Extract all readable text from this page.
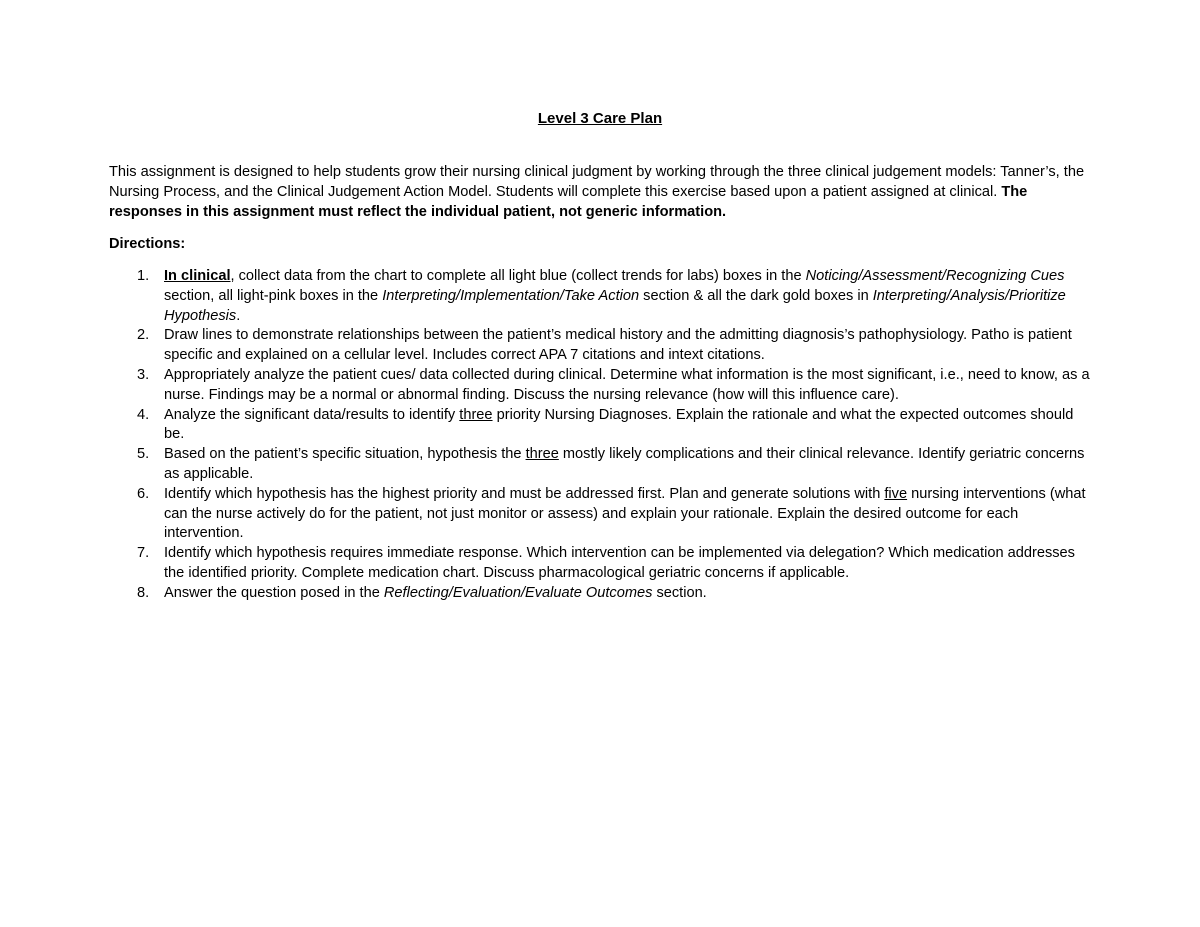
Level 3 Care Plan

This assignment is designed to help students grow their nursing clinical judgment by working through the three clinical judgement models: Tanner’s, the Nursing Process, and the Clinical Judgement Action Model. Students will complete this exercise based upon a patient assigned at clinical. The responses in this assignment must reflect the individual patient, not generic information.

Directions:
1. In clinical, collect data from the chart to complete all light blue (collect trends for labs) boxes in the Noticing/Assessment/Recognizing Cues section, all light-pink boxes in the Interpreting/Implementation/Take Action section & all the dark gold boxes in Interpreting/Analysis/Prioritize Hypothesis.
2. Draw lines to demonstrate relationships between the patient’s medical history and the admitting diagnosis’s pathophysiology. Patho is patient specific and explained on a cellular level. Includes correct APA 7 citations and intext citations.
3. Appropriately analyze the patient cues/ data collected during clinical. Determine what information is the most significant, i.e., need to know, as a nurse. Findings may be a normal or abnormal finding. Discuss the nursing relevance (how will this influence care).
4. Analyze the significant data/results to identify three priority Nursing Diagnoses. Explain the rationale and what the expected outcomes should be.
5. Based on the patient’s specific situation, hypothesis the three mostly likely complications and their clinical relevance. Identify geriatric concerns as applicable.
6. Identify which hypothesis has the highest priority and must be addressed first. Plan and generate solutions with five nursing interventions (what can the nurse actively do for the patient, not just monitor or assess) and explain your rationale. Explain the desired outcome for each intervention.
7. Identify which hypothesis requires immediate response. Which intervention can be implemented via delegation? Which medication addresses the identified priority. Complete medication chart. Discuss pharmacological geriatric concerns if applicable.
8. Answer the question posed in the Reflecting/Evaluation/Evaluate Outcomes section.
